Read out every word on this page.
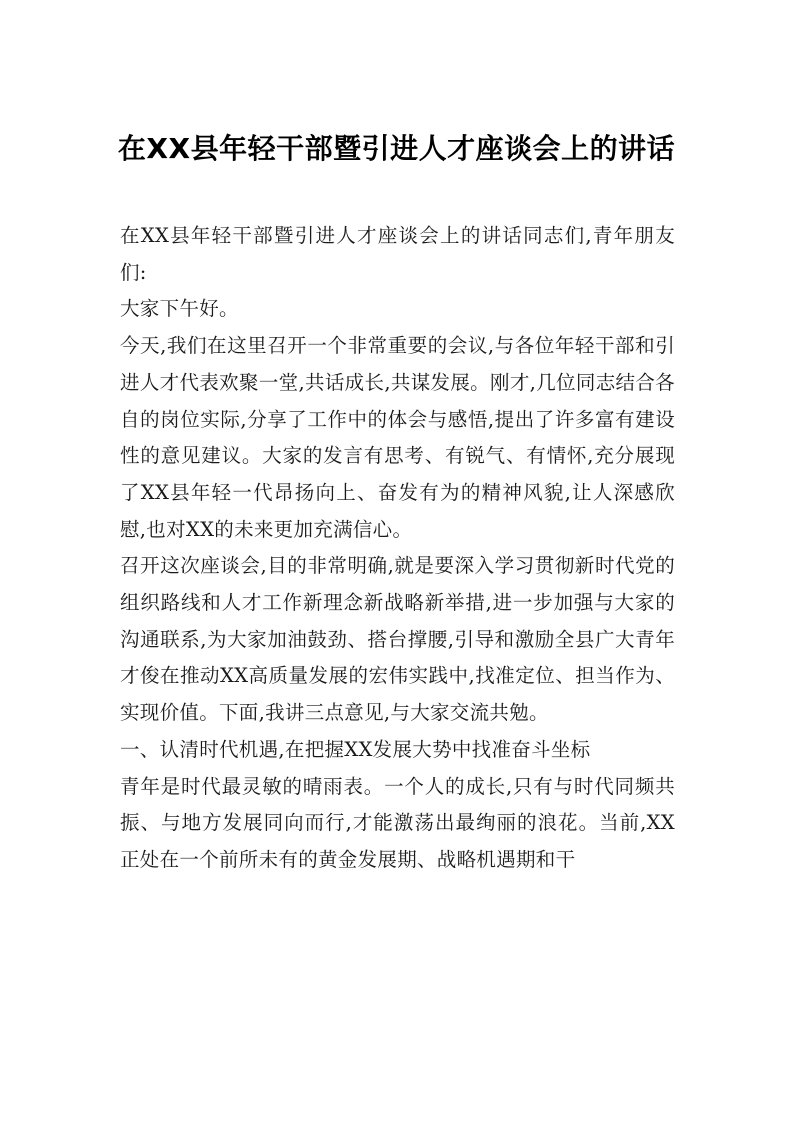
在XX县年轻干部暨引进人才座谈会上的讲话

在XX县年轻干部暨引进人才座谈会上的讲话同志们,青年朋友们:

大家下午好。

今天,我们在这里召开一个非常重要的会议,与各位年轻干部和引进人才代表欢聚一堂,共话成长,共谋发展。刚才,几位同志结合各自的岗位实际,分享了工作中的体会与感悟,提出了许多富有建设性的意见建议。大家的发言有思考、有锐气、有情怀,充分展现了XX县年轻一代昂扬向上、奋发有为的精神风貌,让人深感欣慰,也对XX的未来更加充满信心。

召开这次座谈会,目的非常明确,就是要深入学习贯彻新时代党的组织路线和人才工作新理念新战略新举措,进一步加强与大家的沟通联系,为大家加油鼓劲、搭台撑腰,引导和激励全县广大青年才俊在推动XX高质量发展的宏伟实践中,找准定位、担当作为、实现价值。下面,我讲三点意见,与大家交流共勉。

一、认清时代机遇,在把握XX发展大势中找准奋斗坐标

青年是时代最灵敏的晴雨表。一个人的成长,只有与时代同频共振、与地方发展同向而行,才能激荡出最绚丽的浪花。当前,XX正处在一个前所未有的黄金发展期、战略机遇期和干
